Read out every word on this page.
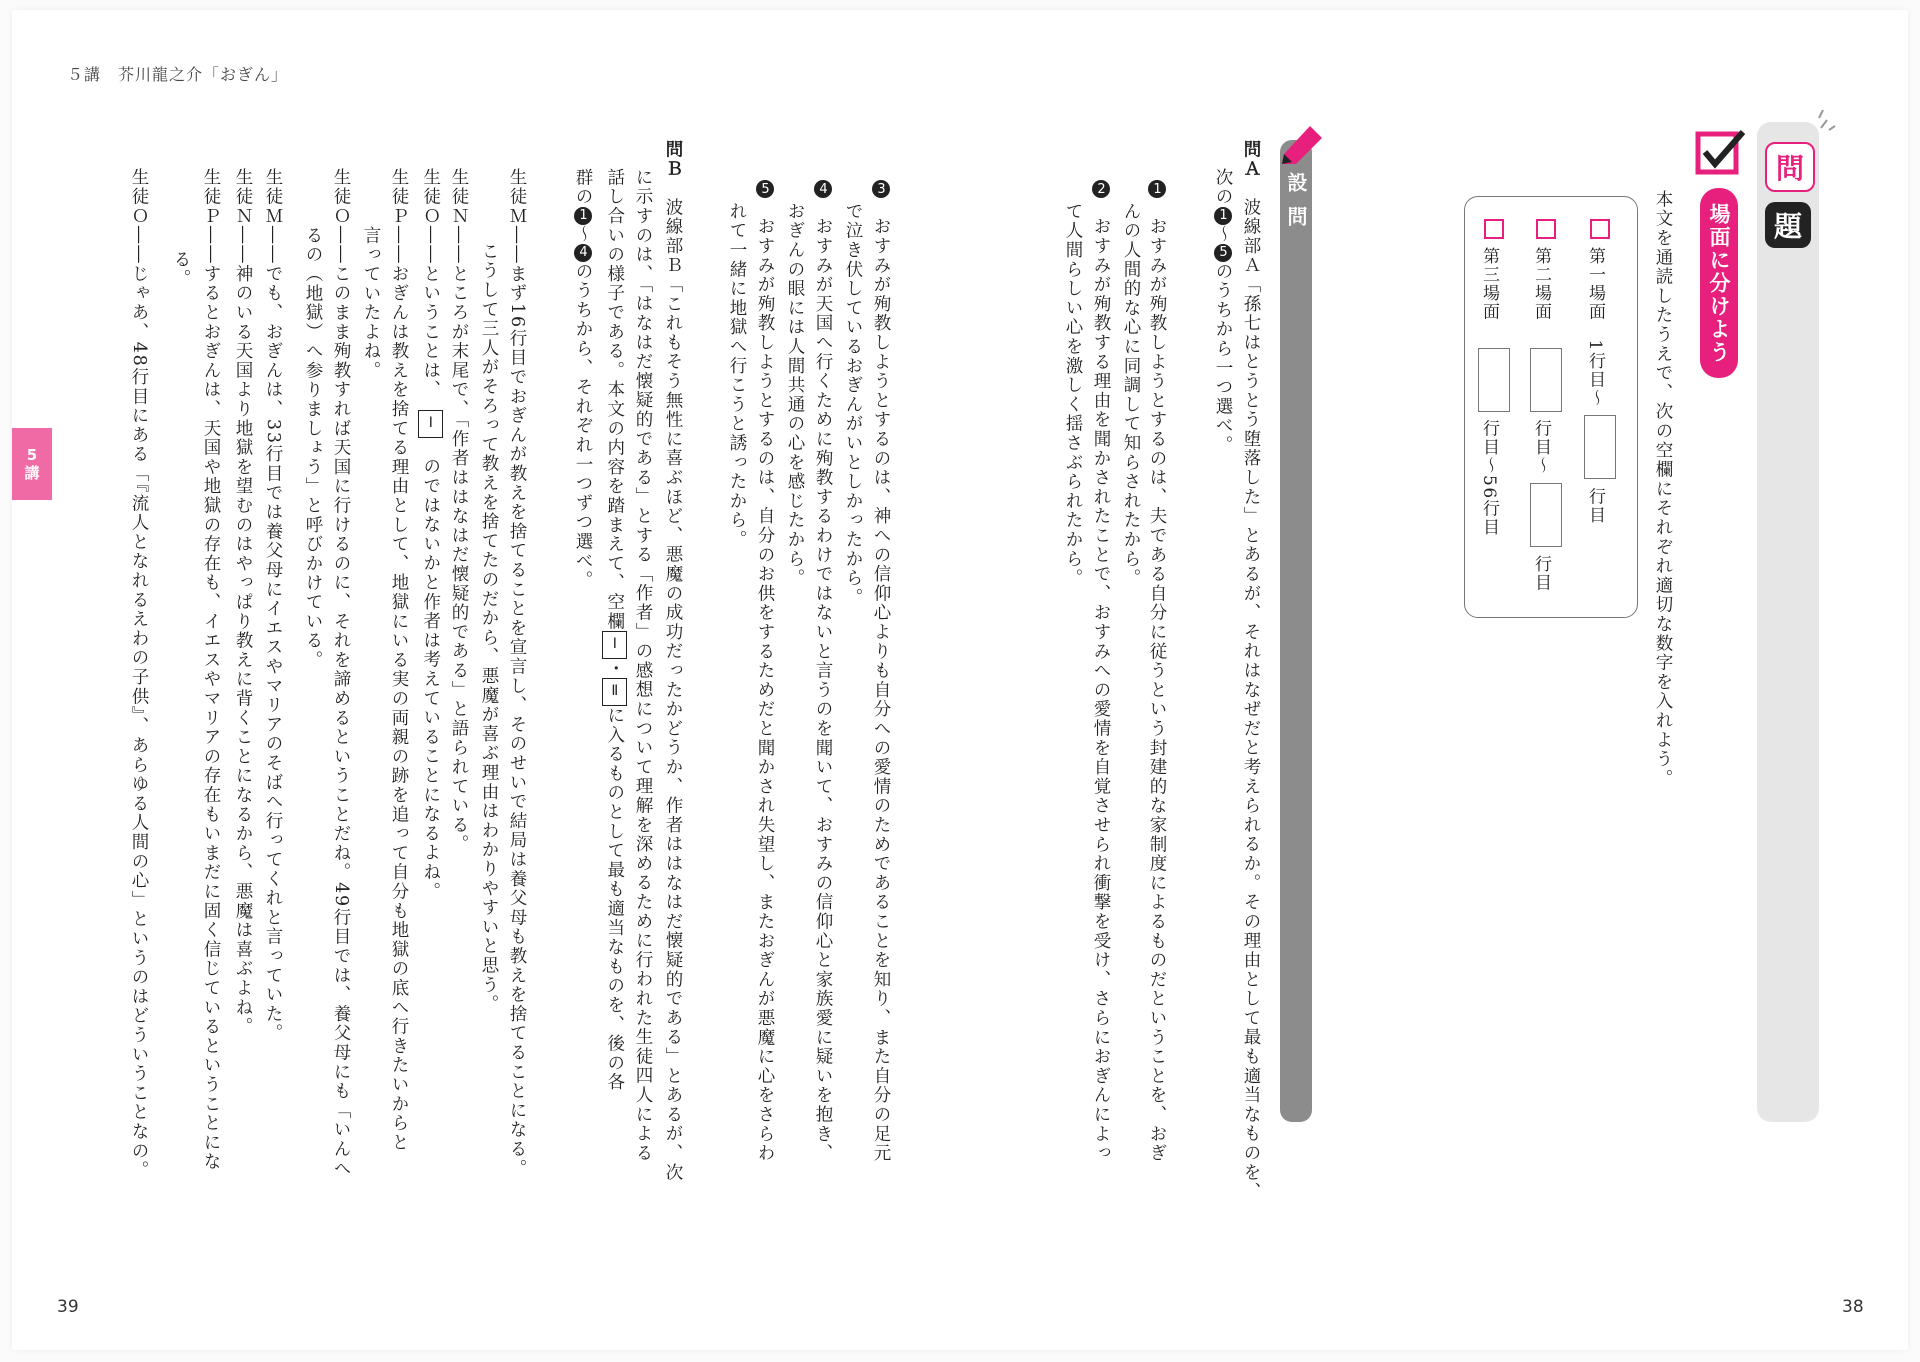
５講　芥川龍之介「おぎん」
39	38
5
講
問
題
場面に分けよう
本文を通読したうえで、次の空欄にそれぞれ適切な数字を入れよう。
第一場面　1行目〜行目
第二場面　行目〜行目
第三場面　行目〜56行目
設問
問Ａ　波線部Ａ「孫七はとうとう堕落した」とあるが、それはなぜだと考えられるか。その理由として最も適当なものを、
次の1〜5のうちから一つ選べ。
1　おすみが殉教しようとするのは、夫である自分に従うという封建的な家制度によるものだということを、おぎ
んの人間的な心に同調して知らされたから。
2　おすみが殉教する理由を聞かされたことで、おすみへの愛情を自覚させられ衝撃を受け、さらにおぎんによっ
て人間らしい心を激しく揺さぶられたから。
3　おすみが殉教しようとするのは、神への信仰心よりも自分への愛情のためであることを知り、また自分の足元
で泣き伏しているおぎんがいとしかったから。
4　おすみが天国へ行くために殉教するわけではないと言うのを聞いて、おすみの信仰心と家族愛に疑いを抱き、
おぎんの眼には人間共通の心を感じたから。
5　おすみが殉教しようとするのは、自分のお供をするためだと聞かされ失望し、またおぎんが悪魔に心をさらわ
れて一緒に地獄へ行こうと誘ったから。
問Ｂ　波線部Ｂ「これもそう無性に喜ぶほど、悪魔の成功だったかどうか、作者ははなはだ懐疑的である」とあるが、次
に示すのは、「はなはだ懐疑的である」とする「作者」の感想について理解を深めるために行われた生徒四人による
話し合いの様子である。本文の内容を踏まえて、空欄Ⅰ・Ⅱに入るものとして最も適当なものを、後の各
群の1〜4のうちから、それぞれ一つずつ選べ。
生徒Ｍ――まず16行目でおぎんが教えを捨てることを宣言し、そのせいで結局は養父母も教えを捨てることになる。
こうして三人がそろって教えを捨てたのだから、悪魔が喜ぶ理由はわかりやすいと思う。
生徒Ｎ――ところが末尾で、「作者ははなはだ懐疑的である」と語られている。
生徒Ｏ――ということは、　Ⅰ　のではないかと作者は考えていることになるよね。
生徒Ｐ――おぎんは教えを捨てる理由として、地獄にいる実の両親の跡を追って自分も地獄の底へ行きたいからと
言っていたよね。
生徒Ｏ――このまま殉教すれば天国に行けるのに、それを諦めるということだね。49行目では、養父母にも「いんへ
るの（地獄）へ参りましょう」と呼びかけている。
生徒Ｍ――でも、おぎんは、33行目では養父母にイエスやマリアのそばへ行ってくれと言っていた。
生徒Ｎ――神のいる天国より地獄を望むのはやっぱり教えに背くことになるから、悪魔は喜ぶよね。
生徒Ｐ――するとおぎんは、天国や地獄の存在も、イエスやマリアの存在もいまだに固く信じているということにな
る。
生徒Ｏ――じゃあ、48行目にある「『流人となれるえわの子供』、あらゆる人間の心」というのはどういうことなの。
